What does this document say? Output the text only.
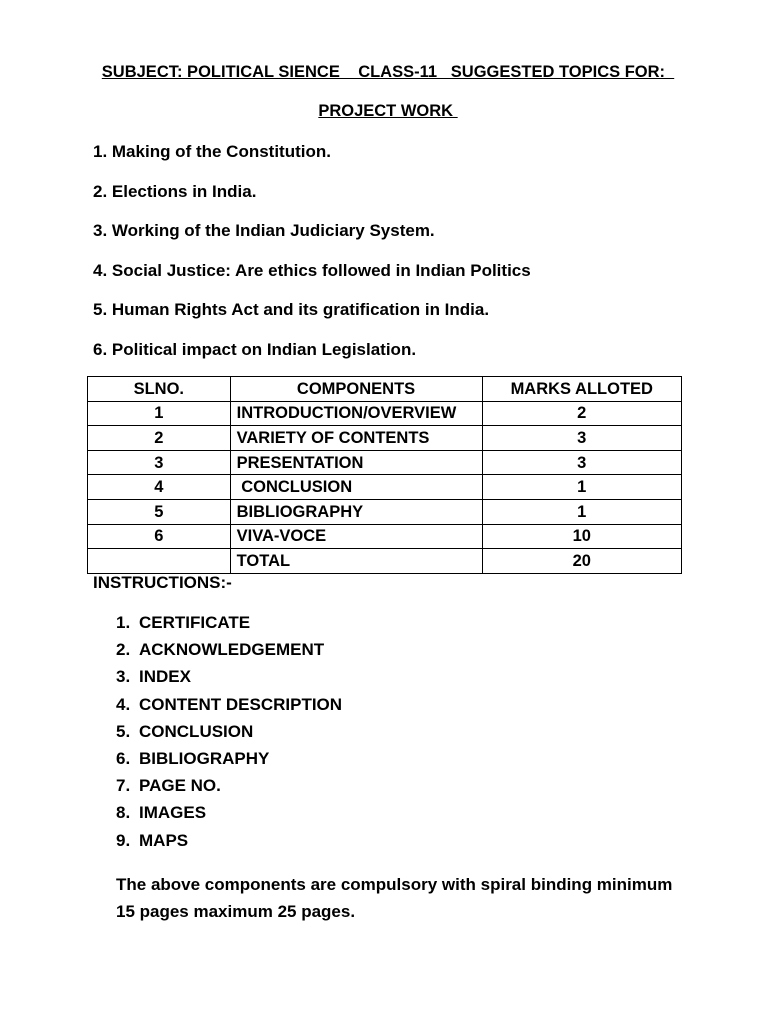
SUBJECT: POLITICAL SIENCE    CLASS-11   SUGGESTED TOPICS FOR:

PROJECT WORK

1. Making of the Constitution.
2. Elections in India.
3. Working of the Indian Judiciary System.
4. Social Justice: Are ethics followed in Indian Politics
5. Human Rights Act and its gratification in India.
6. Political impact on Indian Legislation.
SLNO.	COMPONENTS	MARKS ALLOTED
1	INTRODUCTION/OVERVIEW	2
2	VARIETY OF CONTENTS	3
3	PRESENTATION	3
4	CONCLUSION	1
5	BIBLIOGRAPHY	1
6	VIVA-VOCE	10
	TOTAL	20

INSTRUCTIONS:-

1. CERTIFICATE
2. ACKNOWLEDGEMENT
3. INDEX
4. CONTENT DESCRIPTION
5. CONCLUSION
6. BIBLIOGRAPHY
7. PAGE NO.
8. IMAGES
9. MAPS

The above components are compulsory with spiral binding minimum 15 pages maximum 25 pages.
